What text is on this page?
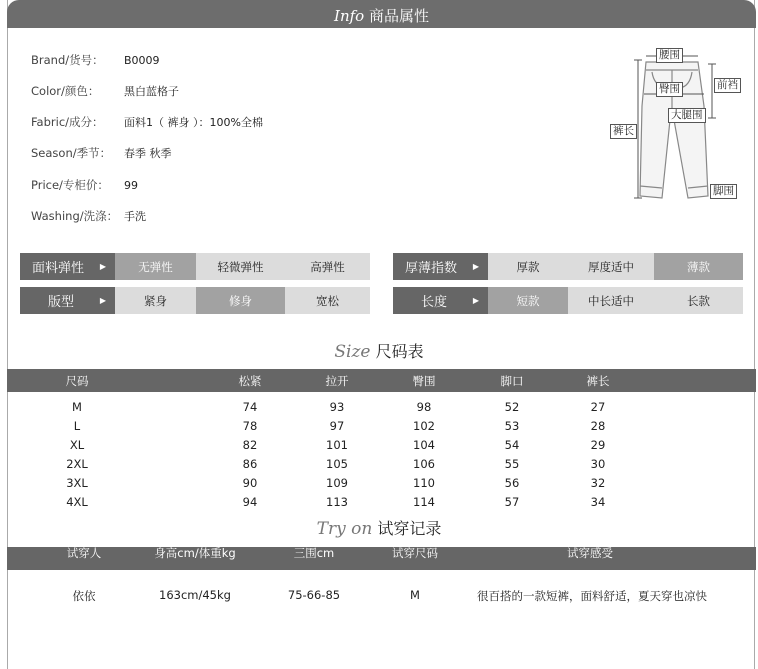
Info 商品属性
Brand/货号： B0009
Color/颜色： 黑白蓝格子
Fabric/成分： 面料1（ 裤身 ）：100%全棉
Season/季节： 春季 秋季
Price/专柜价： 99
Washing/洗涤： 手洗
腰围
前裆
臀围
大腿围
裤长
脚围
面料弹性 ▶	无弹性	轻微弹性	高弹性	厚薄指数 ▶	厚款	厚度适中	薄款
版型	▶	紧身	修身	宽松	长度	▶	短款	中长适中	长款
Size 尺码表
尺码	松紧	拉开	臀围	脚口	裤长
M	74	93	98	52	27
L	78	97	102	53	28
XL	82	101	104	54	29
2XL	86	105	106	55	30
3XL	90	109	110	56	32
4XL	94	113	114	57	34
Try on 试穿记录
试穿人	身高cm/体重kg	三围cm	试穿尺码	试穿感受
依依	163cm/45kg	75-66-85	M	很百搭的一款短裤，面料舒适，夏天穿也凉快
